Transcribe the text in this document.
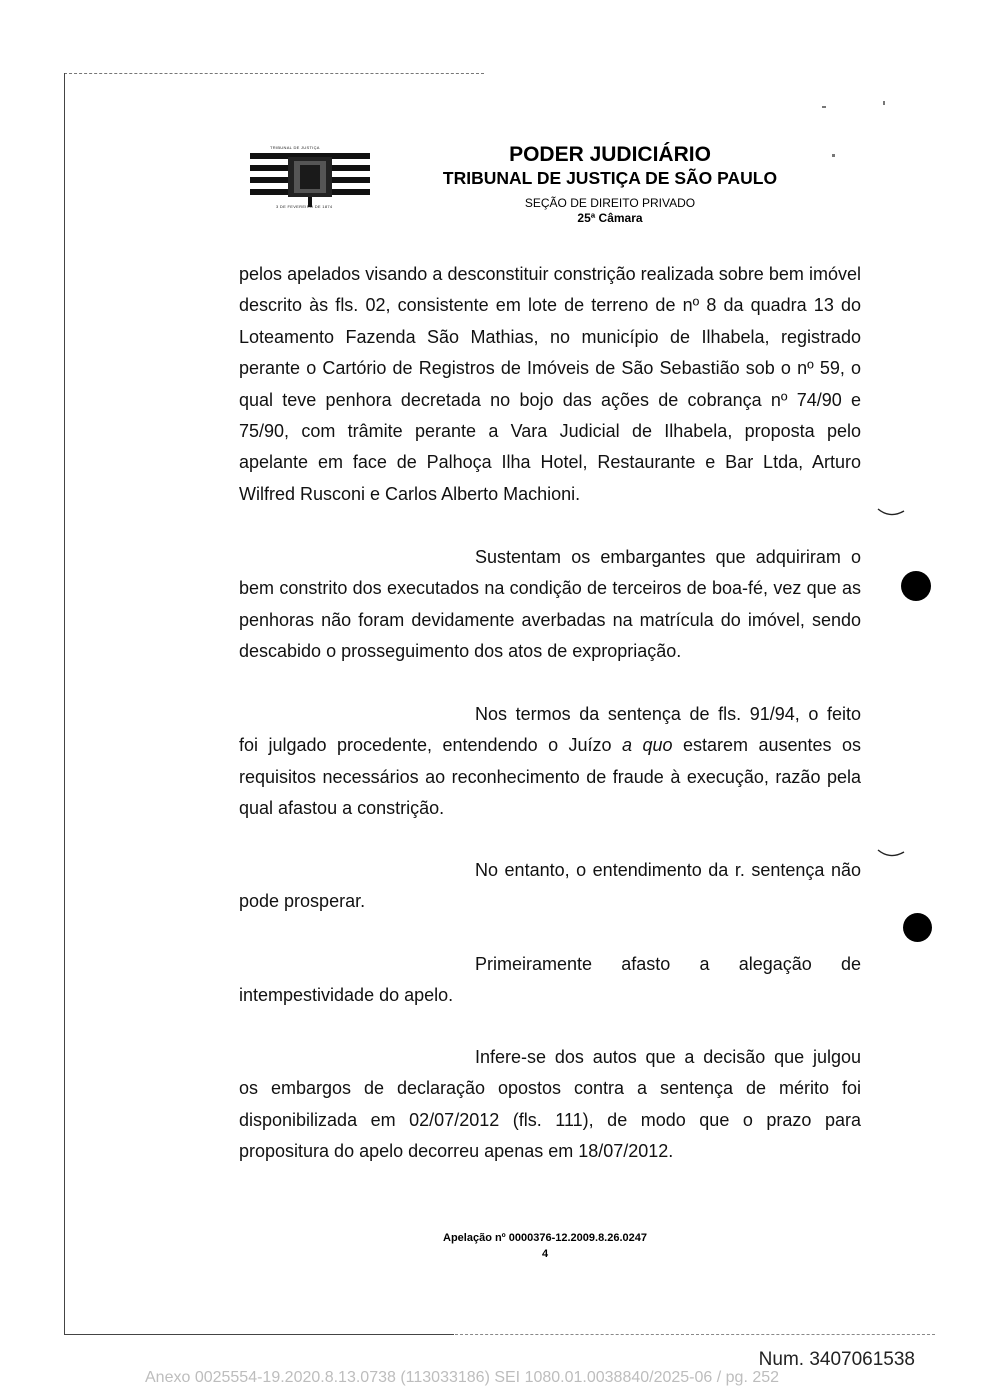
TRIBUNAL DE JUSTIÇA
3 DE FEVEREIRO DE 1874
PODER JUDICIÁRIO
TRIBUNAL DE JUSTIÇA DE SÃO PAULO
SEÇÃO DE DIREITO PRIVADO
25ª Câmara

pelos apelados visando a desconstituir constrição realizada sobre bem imóvel descrito às fls. 02, consistente em lote de terreno de nº 8 da quadra 13 do Loteamento Fazenda São Mathias, no município de Ilhabela, registrado perante o Cartório de Registros de Imóveis de São Sebastião sob o nº 59, o qual teve penhora decretada no bojo das ações de cobrança nº 74/90 e 75/90, com trâmite perante a Vara Judicial de Ilhabela, proposta pelo apelante em face de Palhoça Ilha Hotel, Restaurante e Bar Ltda, Arturo Wilfred Rusconi e Carlos Alberto Machioni.

Sustentam os embargantes que adquiriram o

bem constrito dos executados na condição de terceiros de boa-fé, vez que as penhoras não foram devidamente averbadas na matrícula do imóvel, sendo descabido o prosseguimento dos atos de expropriação.

Nos termos da sentença de fls. 91/94, o feito

foi julgado procedente, entendendo o Juízo a quo estarem ausentes os requisitos necessários ao reconhecimento de fraude à execução, razão pela qual afastou a constrição.

No entanto, o entendimento da r. sentença não

pode prosperar.

Primeiramente afasto a alegação de

intempestividade do apelo.

Infere-se dos autos que a decisão que julgou

os embargos de declaração opostos contra a sentença de mérito foi disponibilizada em 02/07/2012 (fls. 111), de modo que o prazo para propositura do apelo decorreu apenas em 18/07/2012.

Apelação nº 0000376-12.2009.8.26.0247
4
Num. 3407061538
Anexo 0025554-19.2020.8.13.0738 (113033186) SEI 1080.01.0038840/2025-06 / pg. 252
